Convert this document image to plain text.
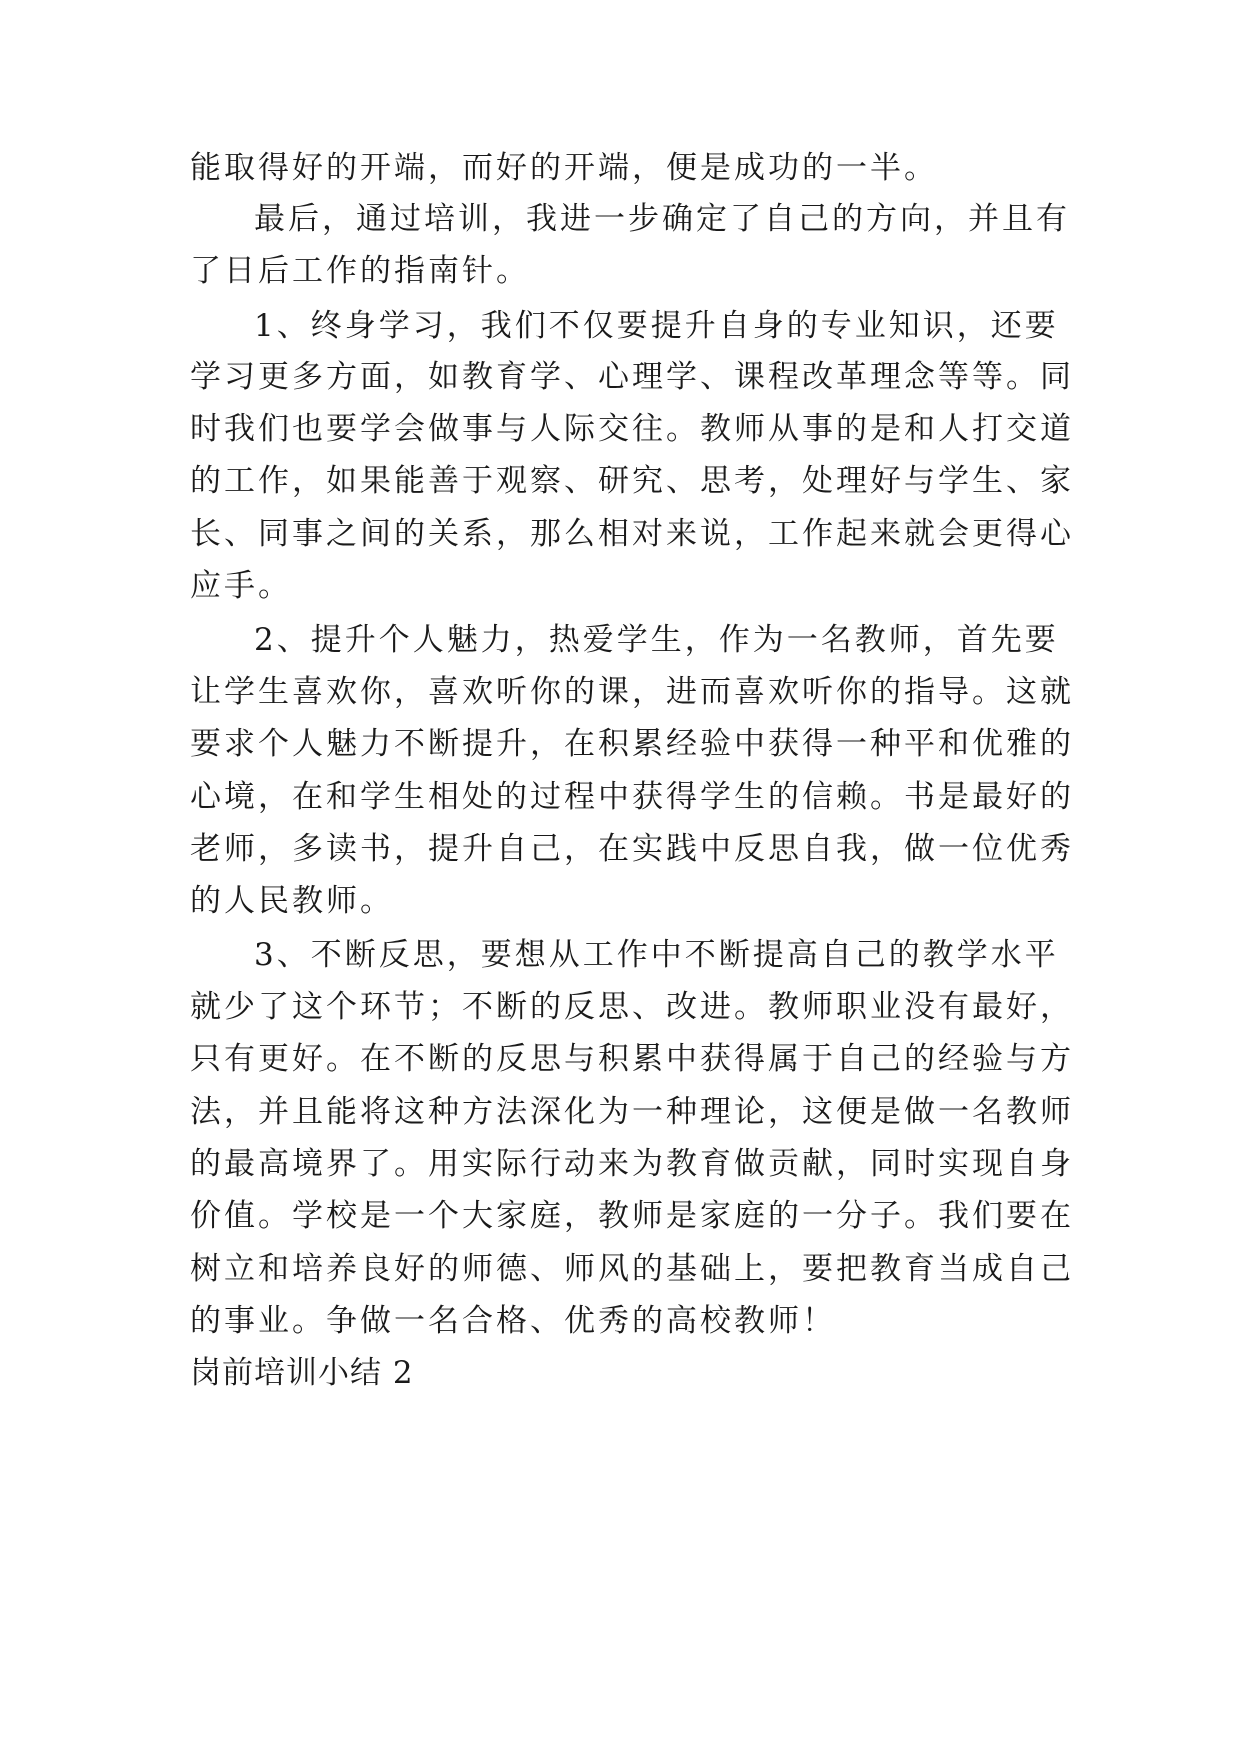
能取得好的开端，而好的开端，便是成功的一半。
最后，通过培训，我进一步确定了自己的方向，并且有
了日后工作的指南针。
1、终身学习，我们不仅要提升自身的专业知识，还要
学习更多方面，如教育学、心理学、课程改革理念等等。同
时我们也要学会做事与人际交往。教师从事的是和人打交道
的工作，如果能善于观察、研究、思考，处理好与学生、家
长、同事之间的关系，那么相对来说，工作起来就会更得心
应手。
2、提升个人魅力，热爱学生，作为一名教师，首先要
让学生喜欢你，喜欢听你的课，进而喜欢听你的指导。这就
要求个人魅力不断提升，在积累经验中获得一种平和优雅的
心境，在和学生相处的过程中获得学生的信赖。书是最好的
老师，多读书，提升自己，在实践中反思自我，做一位优秀
的人民教师。
3、不断反思，要想从工作中不断提高自己的教学水平
就少了这个环节；不断的反思、改进。教师职业没有最好，
只有更好。在不断的反思与积累中获得属于自己的经验与方
法，并且能将这种方法深化为一种理论，这便是做一名教师
的最高境界了。用实际行动来为教育做贡献，同时实现自身
价值。学校是一个大家庭，教师是家庭的一分子。我们要在
树立和培养良好的师德、师风的基础上，要把教育当成自己
的事业。争做一名合格、优秀的高校教师！
岗前培训小结 2
